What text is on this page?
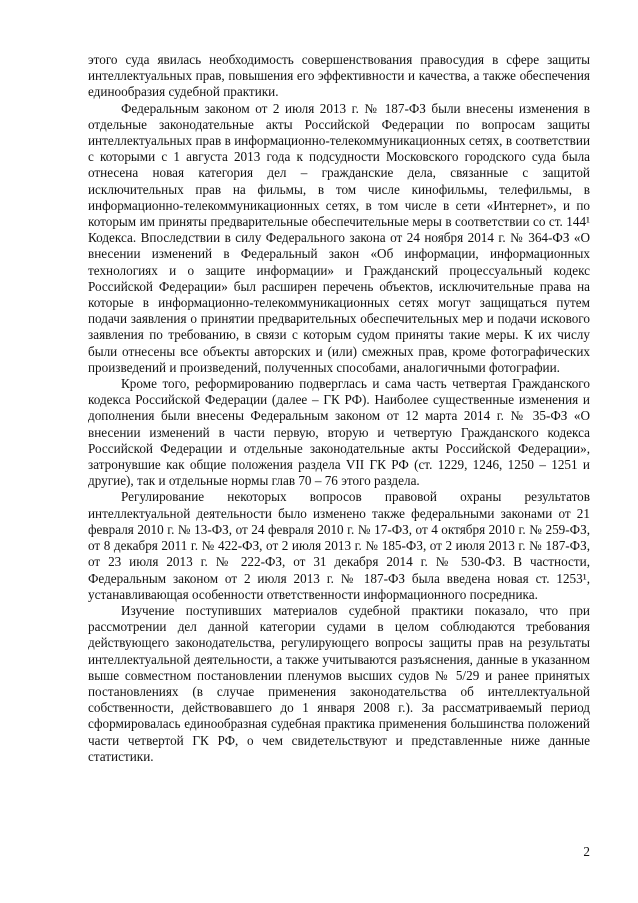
этого суда явилась необходимость совершенствования правосудия в сфере защиты интеллектуальных прав, повышения его эффективности и качества, а также обеспечения единообразия судебной практики.

Федеральным законом от 2 июля 2013 г. № 187-ФЗ были внесены изменения в отдельные законодательные акты Российской Федерации по вопросам защиты интеллектуальных прав в информационно-телекоммуникационных сетях, в соответствии с которыми с 1 августа 2013 года к подсудности Московского городского суда была отнесена новая категория дел – гражданские дела, связанные с защитой исключительных прав на фильмы, в том числе кинофильмы, телефильмы, в информационно-телекоммуникационных сетях, в том числе в сети «Интернет», и по которым им приняты предварительные обеспечительные меры в соответствии со ст. 144¹ Кодекса. Впоследствии в силу Федерального закона от 24 ноября 2014 г. № 364-ФЗ «О внесении изменений в Федеральный закон «Об информации, информационных технологиях и о защите информации» и Гражданский процессуальный кодекс Российской Федерации» был расширен перечень объектов, исключительные права на которые в информационно-телекоммуникационных сетях могут защищаться путем подачи заявления о принятии предварительных обеспечительных мер и подачи искового заявления по требованию, в связи с которым судом приняты такие меры. К их числу были отнесены все объекты авторских и (или) смежных прав, кроме фотографических произведений и произведений, полученных способами, аналогичными фотографии.

Кроме того, реформированию подверглась и сама часть четвертая Гражданского кодекса Российской Федерации (далее – ГК РФ). Наиболее существенные изменения и дополнения были внесены Федеральным законом от 12 марта 2014 г. № 35-ФЗ «О внесении изменений в части первую, вторую и четвертую Гражданского кодекса Российской Федерации и отдельные законодательные акты Российской Федерации», затронувшие как общие положения раздела VII ГК РФ (ст. 1229, 1246, 1250 – 1251 и другие), так и отдельные нормы глав 70 – 76 этого раздела.

Регулирование некоторых вопросов правовой охраны результатов интеллектуальной деятельности было изменено также федеральными законами от 21 февраля 2010 г. № 13-ФЗ, от 24 февраля 2010 г. № 17-ФЗ, от 4 октября 2010 г. № 259-ФЗ, от 8 декабря 2011 г. № 422-ФЗ, от 2 июля 2013 г. № 185-ФЗ, от 2 июля 2013 г. № 187-ФЗ, от 23 июля 2013 г. № 222-ФЗ, от 31 декабря 2014 г. № 530-ФЗ. В частности, Федеральным законом от 2 июля 2013 г. № 187-ФЗ была введена новая ст. 1253¹, устанавливающая особенности ответственности информационного посредника.

Изучение поступивших материалов судебной практики показало, что при рассмотрении дел данной категории судами в целом соблюдаются требования действующего законодательства, регулирующего вопросы защиты прав на результаты интеллектуальной деятельности, а также учитываются разъяснения, данные в указанном выше совместном постановлении пленумов высших судов № 5/29 и ранее принятых постановлениях (в случае применения законодательства об интеллектуальной собственности, действовавшего до 1 января 2008 г.). За рассматриваемый период сформировалась единообразная судебная практика применения большинства положений части четвертой ГК РФ, о чем свидетельствуют и представленные ниже данные статистики.

2
